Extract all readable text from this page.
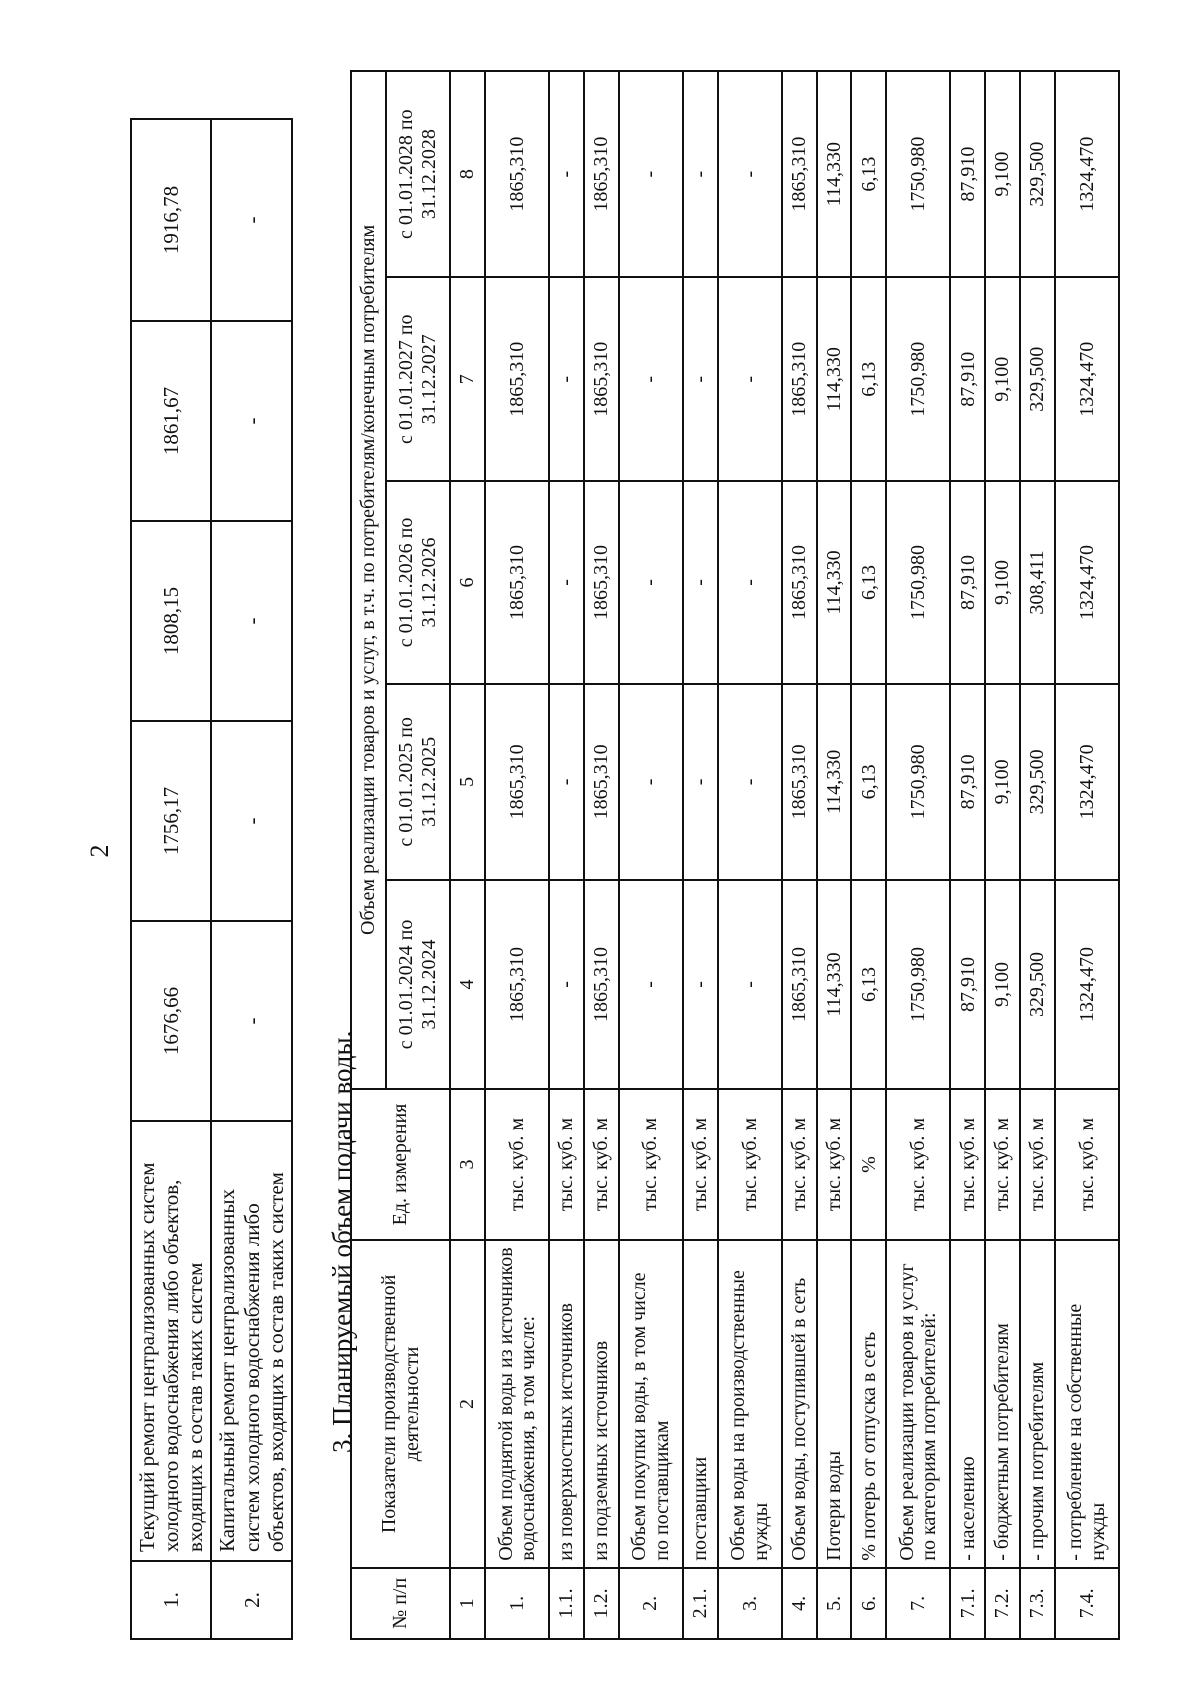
2
1.	Текущий ремонт централизованных систем холодного водоснабжения либо объектов, входящих в состав таких систем	1676,66	1756,17	1808,15	1861,67	1916,78
2.	Капитальный ремонт централизованных систем холодного водоснабжения либо объектов, входящих в состав таких систем	-	-	-	-	-
3. Планируемый объем подачи воды.
№ п/п	Показатели производственной деятельности	Ед. измерения	Объем реализации товаров и услуг, в т.ч. по потребителям/конечным потребителям				
			с 01.01.2024 по 31.12.2024	с 01.01.2025 по 31.12.2025	с 01.01.2026 по 31.12.2026	с 01.01.2027 по 31.12.2027	с 01.01.2028 по 31.12.2028
1	2	3	4	5	6	7	8
1.	Объем поднятой воды из источников водоснабжения, в том числе:	тыс. куб. м	1865,310	1865,310	1865,310	1865,310	1865,310
1.1.	из поверхностных источников	тыс. куб. м	-	-	-	-	-
1.2.	из подземных источников	тыс. куб. м	1865,310	1865,310	1865,310	1865,310	1865,310
2.	Объем покупки воды, в том числе по поставщикам	тыс. куб. м	-	-	-	-	-
2.1.	поставщики	тыс. куб. м	-	-	-	-	-
3.	Объем воды на производственные нужды	тыс. куб. м	-	-	-	-	-
4.	Объем воды, поступившей в сеть	тыс. куб. м	1865,310	1865,310	1865,310	1865,310	1865,310
5.	Потери воды	тыс. куб. м	114,330	114,330	114,330	114,330	114,330
6.	% потерь от отпуска в сеть	%	6,13	6,13	6,13	6,13	6,13
7.	Объем реализации товаров и услуг по категориям потребителей:	тыс. куб. м	1750,980	1750,980	1750,980	1750,980	1750,980
7.1.	- населению	тыс. куб. м	87,910	87,910	87,910	87,910	87,910
7.2.	- бюджетным потребителям	тыс. куб. м	9,100	9,100	9,100	9,100	9,100
7.3.	- прочим потребителям	тыс. куб. м	329,500	329,500	308,411	329,500	329,500
7.4.	- потребление на собственные нужды	тыс. куб. м	1324,470	1324,470	1324,470	1324,470	1324,470
